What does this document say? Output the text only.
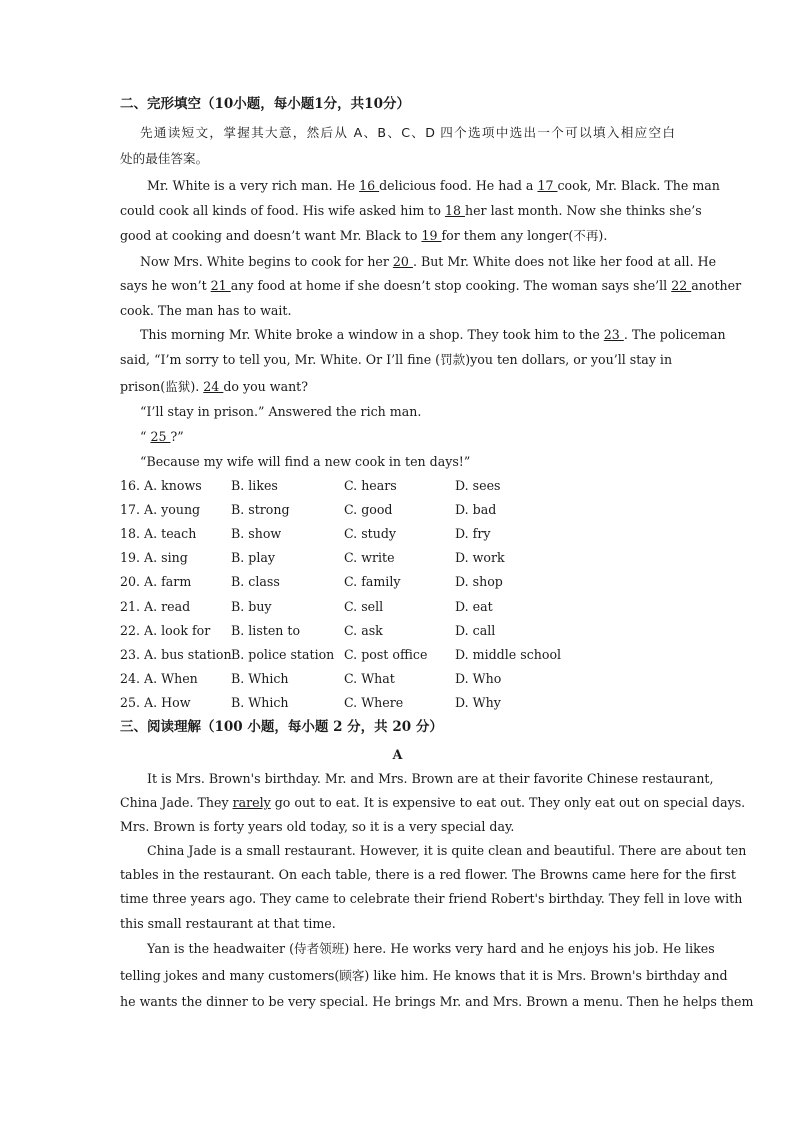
二、完形填空（10小题，每小题1分，共10分）
先通读短文，掌握其大意，然后从 A、B、C、D 四个选项中选出一个可以填入相应空白
处的最佳答案。
Mr. White is a very rich man. He 16 delicious food. He had a 17 cook, Mr. Black. The man
could cook all kinds of food. His wife asked him to 18 her last month. Now she thinks she’s
good at cooking and doesn’t want Mr. Black to 19 for them any longer(不再).
Now Mrs. White begins to cook for her 20 . But Mr. White does not like her food at all. He
says he won’t 21 any food at home if she doesn’t stop cooking. The woman says she’ll 22 another
cook. The man has to wait.
This morning Mr. White broke a window in a shop. They took him to the 23 . The policeman
said, “I’m sorry to tell you, Mr. White. Or I’ll fine (罚款)you ten dollars, or you’ll stay in
prison(监狱). 24 do you want?
“I’ll stay in prison.” Answered the rich man.
“ 25 ?”
“Because my wife will find a new cook in ten days!”
16. A. knows B. likes	C. hears	D. sees
17. A. young B. strong	C. good	D. bad
18. A. teach	B. show	C. study	D. fry
19. A. sing	B. play	C. write	D. work
20. A. farm	B. class	C. family	D. shop
21. A. read	B. buy	C. sell	D. eat
22. A. look for B. listen to	C. ask	D. call
23. A. bus station B. police station C. post office D. middle school
24. A. When	B. Which	C. What	D. Who
25. A. How	B. Which	C. Where	D. Why
三、阅读理解（100 小题，每小题 2 分，共 20 分）
A
It is Mrs. Brown's birthday. Mr. and Mrs. Brown are at their favorite Chinese restaurant,
China Jade. They rarely go out to eat. It is expensive to eat out. They only eat out on special days.
Mrs. Brown is forty years old today, so it is a very special day.
China Jade is a small restaurant. However, it is quite clean and beautiful. There are about ten
tables in the restaurant. On each table, there is a red flower. The Browns came here for the first
time three years ago. They came to celebrate their friend Robert's birthday. They fell in love with
this small restaurant at that time.
Yan is the headwaiter (侍者领班) here. He works very hard and he enjoys his job. He likes
telling jokes and many customers(顾客) like him. He knows that it is Mrs. Brown's birthday and
he wants the dinner to be very special. He brings Mr. and Mrs. Brown a menu. Then he helps them
